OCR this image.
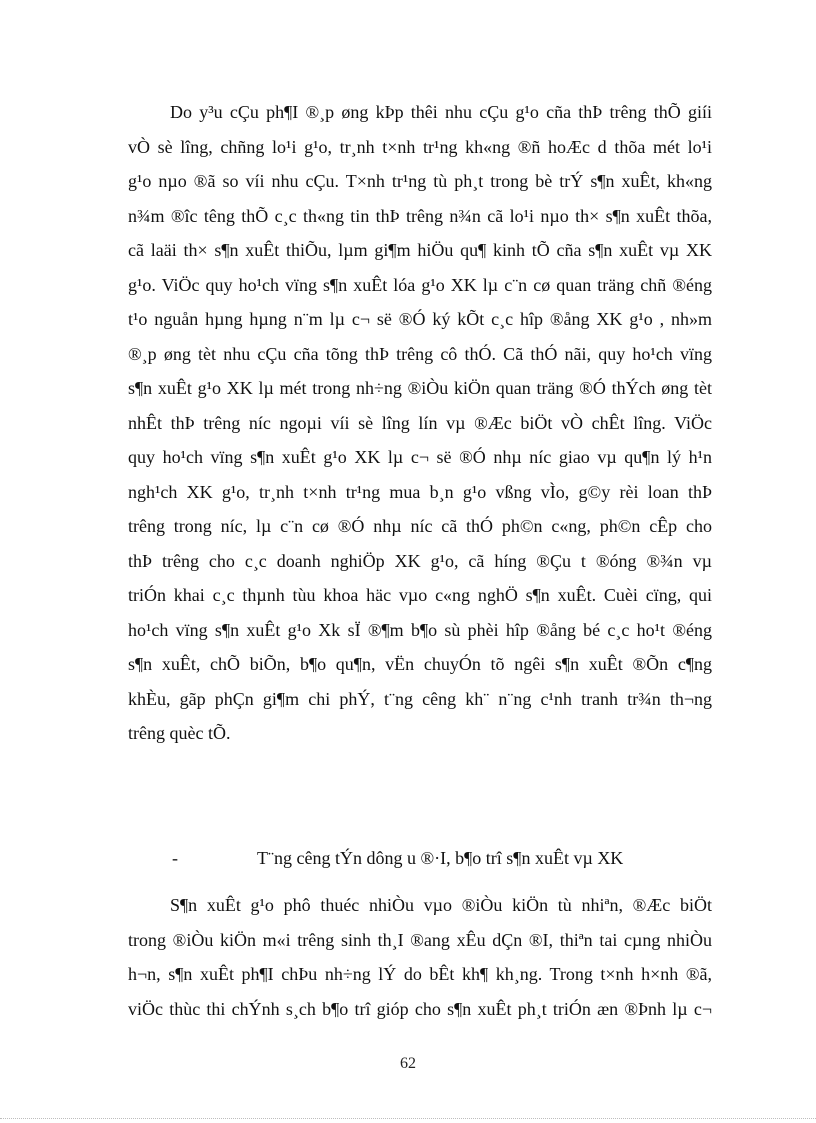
Do y³u cÇu ph¶I ®¸p øng kÞp thêi nhu cÇu g¹o cña thÞ trêng thÕ giíi
vÒ sè lîng, chñng lo¹i g¹o, tr¸nh t×nh tr¹ng kh«ng ®ñ hoÆc d thõa mét lo¹i
g¹o nµo ®ã so víi nhu cÇu. T×nh tr¹ng tù ph¸t trong bè trÝ s¶n xuÊt, kh«ng
n¾m ®îc têng thÕ c¸c th«ng tin thÞ trêng n¾n cã lo¹i nµo th× s¶n xuÊt thõa,
cã laäi th× s¶n xuÊt thiÕu, lµm gi¶m hiÖu qu¶ kinh tÕ cña s¶n xuÊt vµ XK
g¹o. ViÖc quy ho¹ch vïng s¶n xuÊt lóa g¹o XK lµ c¨n cø quan träng chñ ®éng
t¹o nguån hµng hµng n¨m lµ c¬ së ®Ó ký kÕt c¸c hîp ®ång XK g¹o , nh»m
®¸p øng tèt nhu cÇu cña tõng thÞ trêng cô thÓ. Cã thÓ nãi, quy ho¹ch vïng
s¶n xuÊt g¹o XK lµ mét trong nh÷ng ®iÒu kiÖn quan träng ®Ó thÝch øng tèt
nhÊt thÞ trêng níc ngoµi víi sè lîng lín vµ ®Æc biÖt vÒ chÊt lîng. ViÖc
quy ho¹ch vïng s¶n xuÊt g¹o XK lµ c¬ së ®Ó nhµ níc giao vµ qu¶n lý h¹n
ngh¹ch XK g¹o, tr¸nh t×nh tr¹ng mua b¸n g¹o vßng vÌo, g©y rèi loan thÞ
trêng trong níc, lµ c¨n cø ®Ó nhµ níc cã thÓ ph©n c«ng, ph©n cÊp cho
thÞ trêng cho c¸c doanh nghiÖp XK g¹o, cã híng ®Çu t ®óng ®¾n vµ
triÓn khai c¸c thµnh tùu khoa häc vµo c«ng nghÖ s¶n xuÊt. Cuèi cïng, qui
ho¹ch vïng s¶n xuÊt g¹o Xk sÏ ®¶m b¶o sù phèi hîp ®ång bé c¸c ho¹t ®éng
s¶n xuÊt, chÕ biÕn, b¶o qu¶n, vËn chuyÓn tõ ngêi s¶n xuÊt ®Õn c¶ng
khÈu, gãp phÇn gi¶m chi phÝ, t¨ng cêng kh¨ n¨ng c¹nh tranh tr¾n th¬ng
trêng quèc tÕ.
-	T¨ng cêng tÝn dông u ®·I, b¶o trî s¶n xuÊt vµ XK
S¶n xuÊt g¹o phô thuéc nhiÒu vµo ®iÒu kiÖn tù nhiªn, ®Æc biÖt
trong ®iÒu kiÖn m«i trêng sinh th¸I ®ang xÊu dÇn ®I, thiªn tai cµng nhiÒu
viÖc thùc thi chÝnh s¸ch b¶o trî gióp cho s¶n xuÊt ph¸t triÓn æn ®Þnh lµ c¬
h¬n, s¶n xuÊt ph¶I chÞu nh÷ng lÝ do bÊt kh¶ kh¸ng. Trong t×nh h×nh ®ã,
62
